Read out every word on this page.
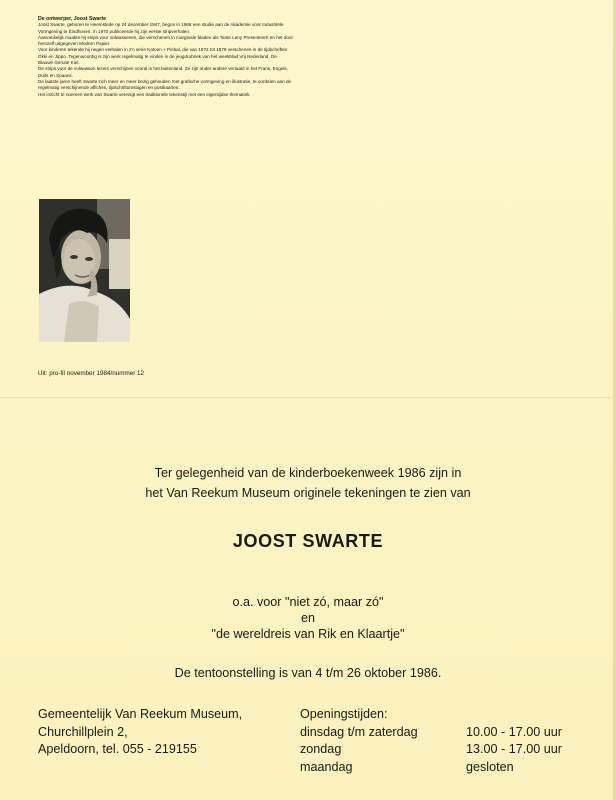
De ontwerper, Joost Swarte

Joost Swarte, geboren te Heemstede op 24 december 1947, begon in 1966 een studie aan de Akademie voor Industriële Vormgeving te Eindhoven. In 1970 publiceerde hij zijn eerste stripverhalen.

Aanvankelijk maakte hij strips voor volwassenen, die verschenen in marginale bladen als Tante Leny Presenteert! en het door hemzelf uitgegeven Modern Papier.

Voor kinderen tekende hij negen verhalen in z'n serie Katoen + Pinbal, die van 1972 tot 1979 verschenen in de tijdschriften Okki en Jippo. Tegenwoordig is zijn werk regelmatig te vinden in de jeugdrubriek van het weekblad Vrij Nederland, De Blauwe Geruite Kiel.

De strips voor de volwassen lezers verschijnen vooral in het buitenland. Ze zijn onder andere vertaald in het Frans, Engels, Duits en Spaans.

De laatste jaren heeft Swarte zich meer en meer bezig gehouden met grafische vormgeving en illustratie, te oordelen aan de regelmatig verschijnende affiches, tijdschriftomslagen en postkaarten.

Het inzicht te noemen werk van Swarte verenigt een traditionele tekenstijl met een eigentijdse thematiek.

Uit: pro-fil november 1984/nummer 12
Ter gelegenheid van de kinderboekenweek 1986 zijn in
het Van Reekum Museum originele tekeningen te zien van
JOOST SWARTE
o.a. voor "niet zó, maar zó"
en
"de wereldreis van Rik en Klaartje"
De tentoonstelling is van 4 t/m 26 oktober 1986.
Gemeentelijk Van Reekum Museum,
Churchillplein 2,
Apeldoorn, tel. 055 - 219155
Openingstijden:
dinsdag t/m zaterdag
zondag
maandag
10.00 - 17.00 uur
13.00 - 17.00 uur
gesloten
